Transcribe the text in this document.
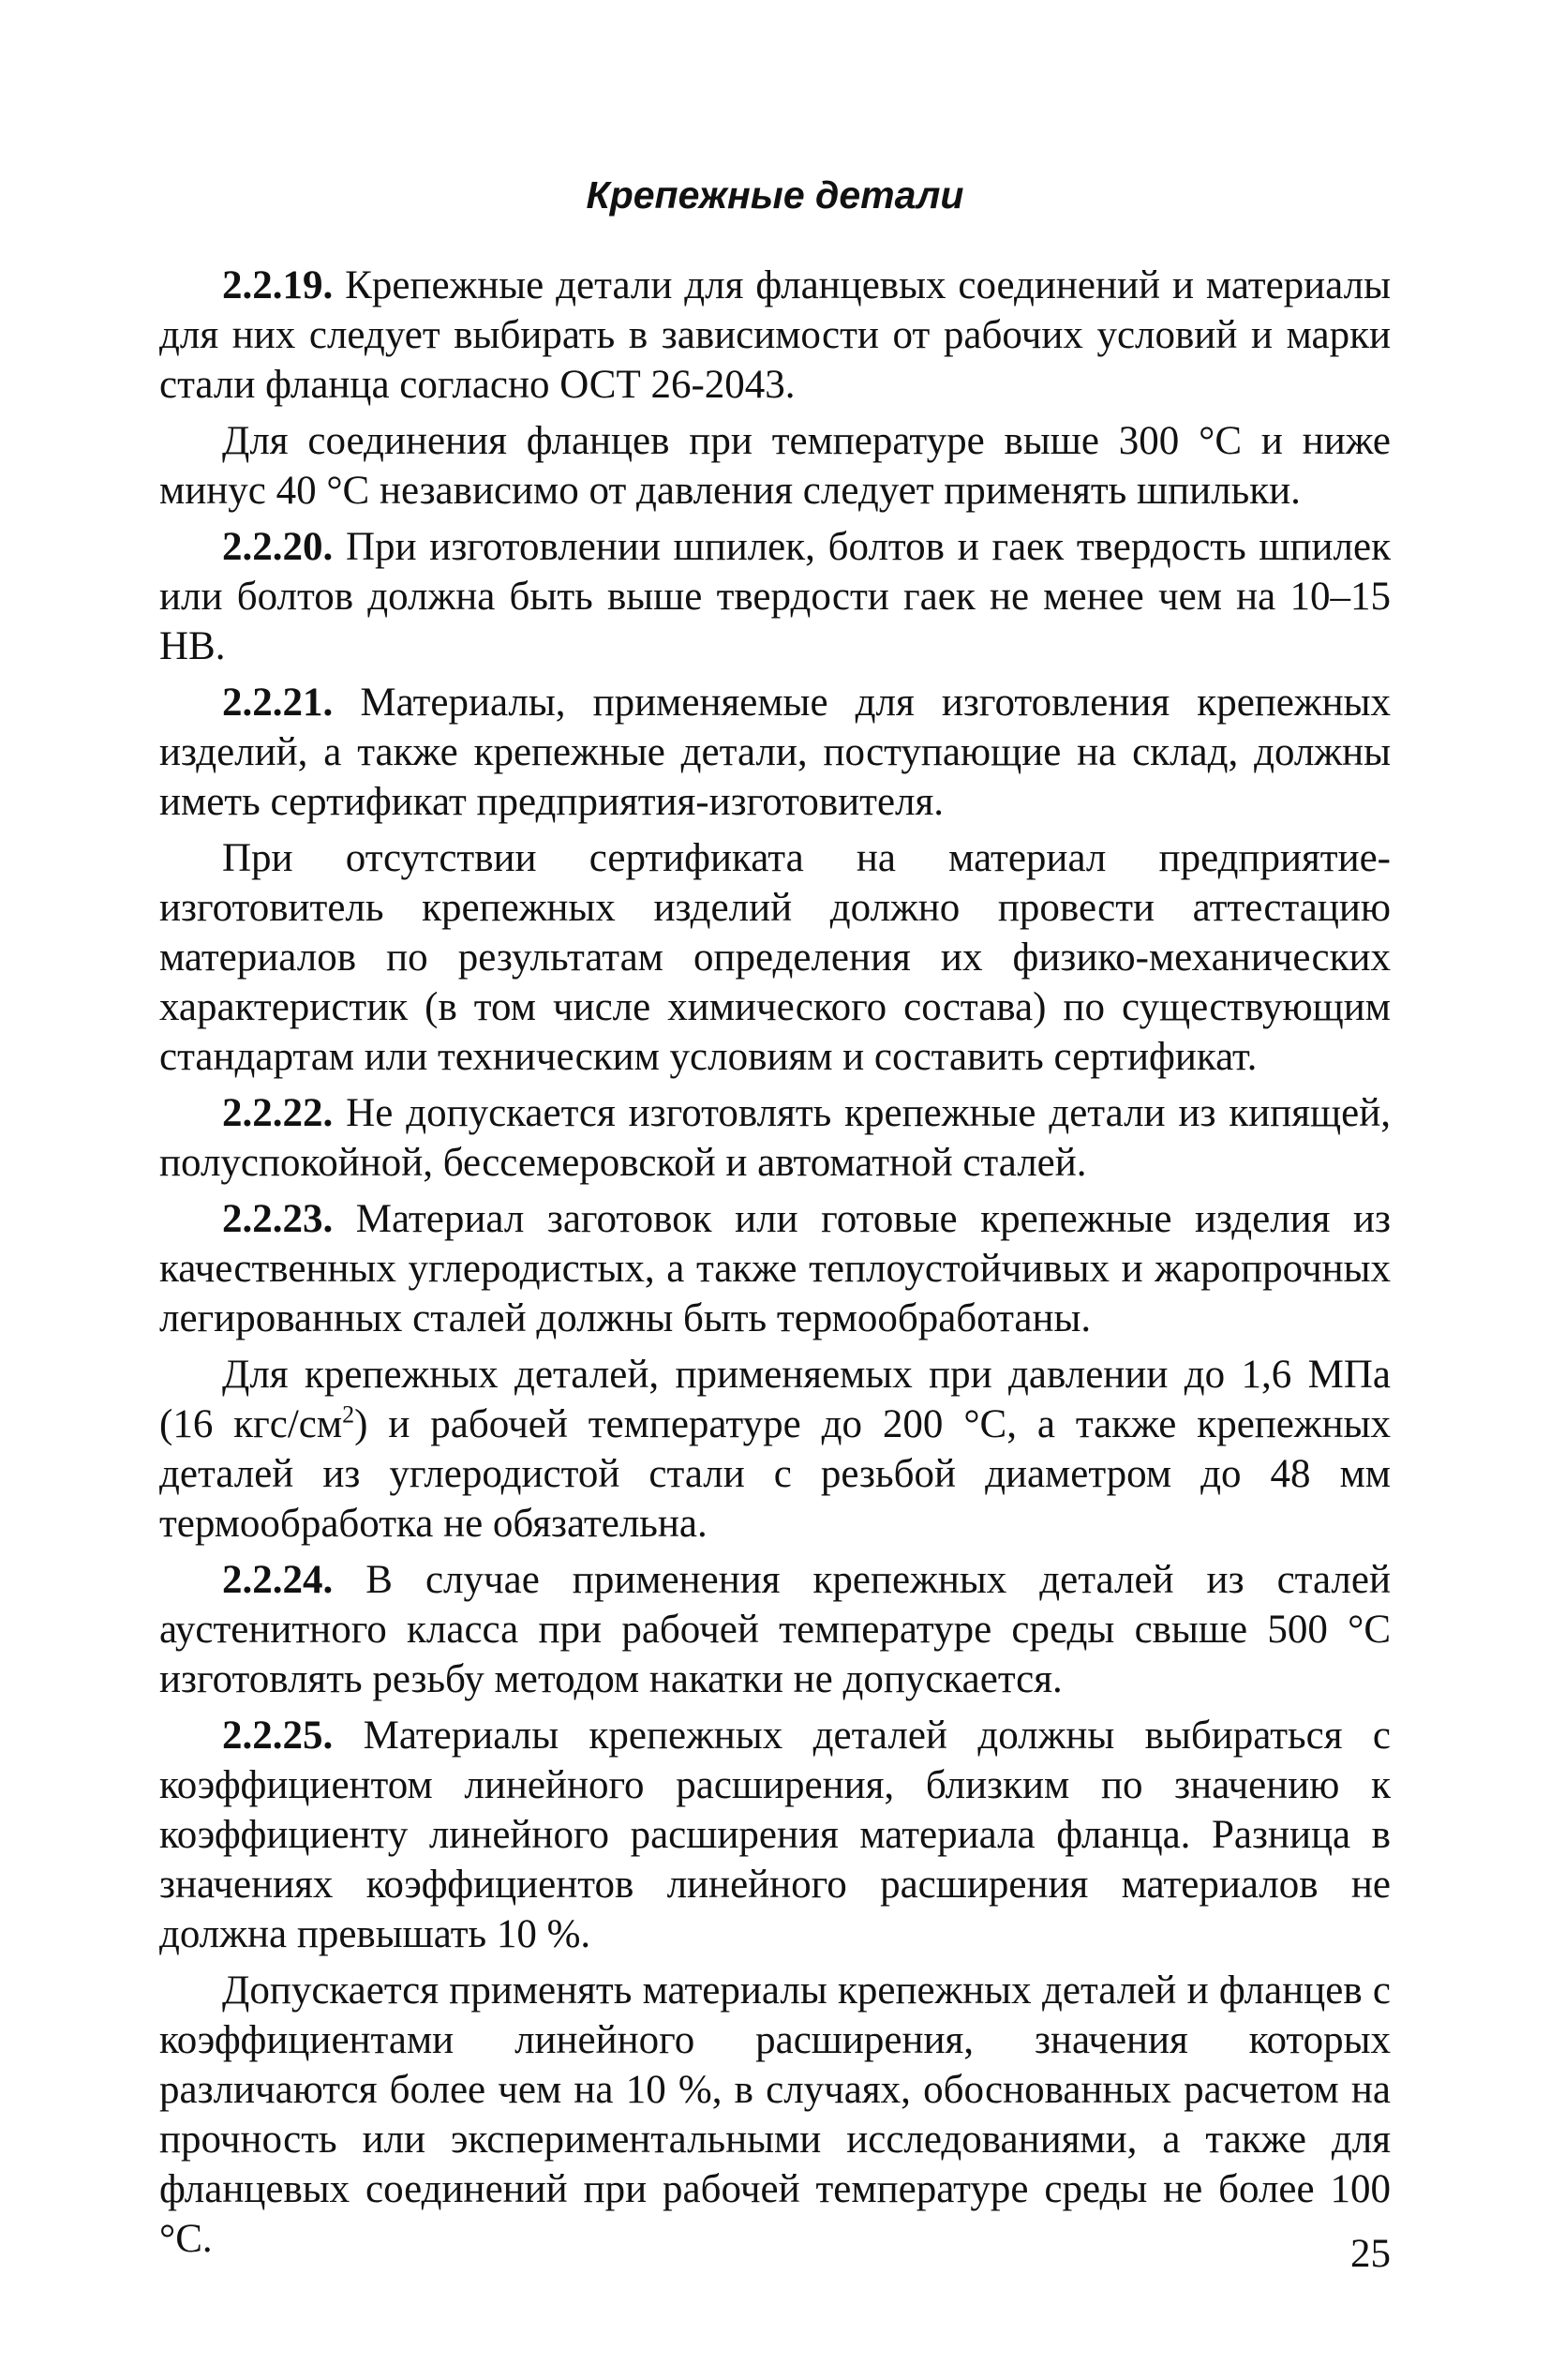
Крепежные детали

2.2.19. Крепежные детали для фланцевых соединений и материалы для них следует выбирать в зависимости от рабочих условий и марки стали фланца согласно ОСТ 26-2043.

Для соединения фланцев при температуре выше 300 °С и ниже минус 40 °С независимо от давления следует применять шпильки.

2.2.20. При изготовлении шпилек, болтов и гаек твердость шпилек или болтов должна быть выше твердости гаек не менее чем на 10–15 НВ.

2.2.21. Материалы, применяемые для изготовления крепежных изделий, а также крепежные детали, поступающие на склад, должны иметь сертификат предприятия-изготовителя.

При отсутствии сертификата на материал предприятие-изготовитель крепежных изделий должно провести аттестацию материалов по результатам определения их физико-механических характеристик (в том числе химического состава) по существующим стандартам или техническим условиям и составить сертификат.

2.2.22. Не допускается изготовлять крепежные детали из кипящей, полуспокойной, бессемеровской и автоматной сталей.

2.2.23. Материал заготовок или готовые крепежные изделия из качественных углеродистых, а также теплоустойчивых и жаропрочных легированных сталей должны быть термообработаны.

Для крепежных деталей, применяемых при давлении до 1,6 МПа (16 кгс/$см^2$) и рабочей температуре до 200 °С, а также крепежных деталей из углеродистой стали с резьбой диаметром до 48 мм термообработка не обязательна.

2.2.24. В случае применения крепежных деталей из сталей аустенитного класса при рабочей температуре среды свыше 500 °С изготовлять резьбу методом накатки не допускается.

2.2.25. Материалы крепежных деталей должны выбираться с коэффициентом линейного расширения, близким по значению к коэффициенту линейного расширения материала фланца. Разница в значениях коэффициентов линейного расширения материалов не должна превышать 10 %.

Допускается применять материалы крепежных деталей и фланцев с коэффициентами линейного расширения, значения которых различаются более чем на 10 %, в случаях, обоснованных расчетом на прочность или экспериментальными исследованиями, а также для фланцевых соединений при рабочей температуре среды не более 100 °С.	25
